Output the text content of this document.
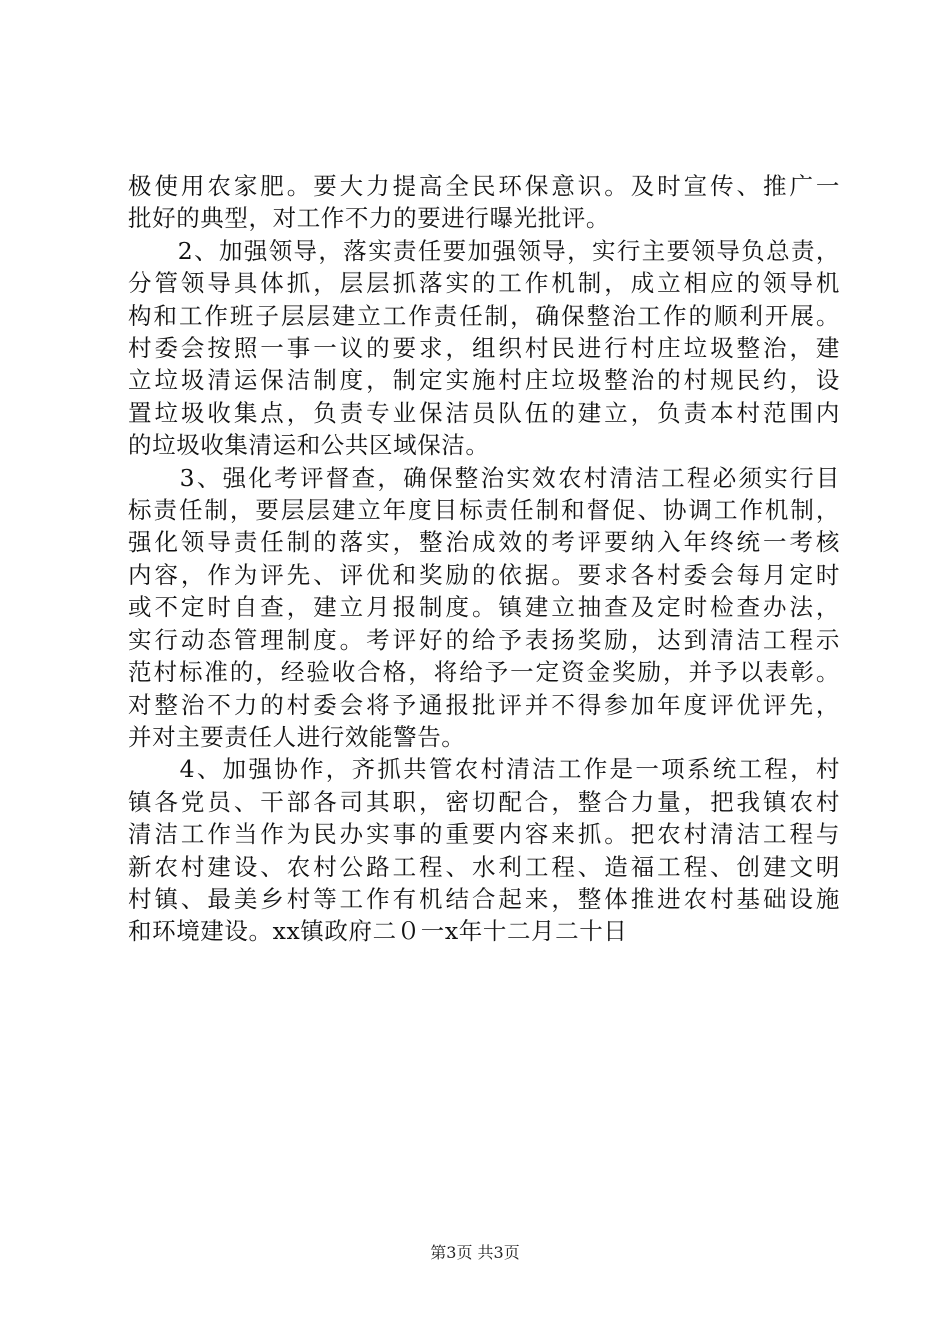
极使用农家肥。要大力提高全民环保意识。及时宣传、推广一
批好的典型，对工作不力的要进行曝光批评。
　　2、加强领导，落实责任要加强领导，实行主要领导负总责，
分管领导具体抓，层层抓落实的工作机制，成立相应的领导机
构和工作班子层层建立工作责任制，确保整治工作的顺利开展。
村委会按照一事一议的要求，组织村民进行村庄垃圾整治，建
立垃圾清运保洁制度，制定实施村庄垃圾整治的村规民约，设
置垃圾收集点，负责专业保洁员队伍的建立，负责本村范围内
的垃圾收集清运和公共区域保洁。
　　3、强化考评督查，确保整治实效农村清洁工程必须实行目
标责任制，要层层建立年度目标责任制和督促、协调工作机制，
强化领导责任制的落实，整治成效的考评要纳入年终统一考核
内容，作为评先、评优和奖励的依据。要求各村委会每月定时
或不定时自查，建立月报制度。镇建立抽查及定时检查办法，
实行动态管理制度。考评好的给予表扬奖励，达到清洁工程示
范村标准的，经验收合格，将给予一定资金奖励，并予以表彰。
对整治不力的村委会将予通报批评并不得参加年度评优评先，
并对主要责任人进行效能警告。
　　4、加强协作，齐抓共管农村清洁工作是一项系统工程，村
镇各党员、干部各司其职，密切配合，整合力量，把我镇农村
清洁工作当作为民办实事的重要内容来抓。把农村清洁工程与
新农村建设、农村公路工程、水利工程、造福工程、创建文明
村镇、最美乡村等工作有机结合起来，整体推进农村基础设施
和环境建设。xx镇政府二０一x年十二月二十日
第3页 共3页
